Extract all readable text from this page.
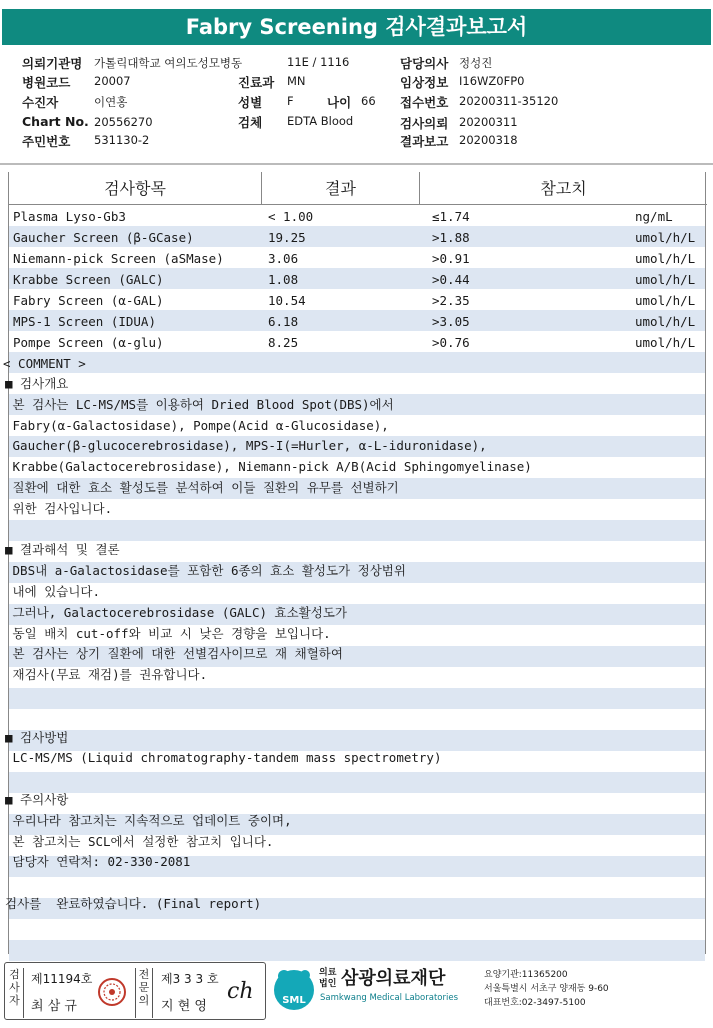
Fabry Screening 검사결과보고서
의뢰기관명 가톨릭대학교 여의도성모병동	11E / 1116	담당의사 정성진
병원코드 20007	진료과 MN	임상정보 I16WZ0FP0
수진자	이연홍	성별 F	나이 66 접수번호 20200311-35120
Chart No. 20556270	검체 EDTA Blood	검사의뢰 20200311
주민번호 531130-2	결과보고 20200318
검사항목	결과	참고치
Plasma Lyso-Gb3	< 1.00	≤1.74	ng/mL
Gaucher Screen (β-GCase)	19.25	>1.88	umol/h/L
Niemann-pick Screen (aSMase)	3.06	>0.91	umol/h/L
Krabbe Screen (GALC)	1.08	>0.44	umol/h/L
Fabry Screen (α-GAL)	10.54	>2.35	umol/h/L
MPS-1 Screen (IDUA)	6.18	>3.05	umol/h/L
Pompe Screen (α-glu)	8.25	>0.76	umol/h/L
< COMMENT >
■ 검사개요
본 검사는 LC-MS/MS를 이용하여 Dried Blood Spot(DBS)에서
Fabry(α-Galactosidase), Pompe(Acid α-Glucosidase),
Gaucher(β-glucocerebrosidase), MPS-I(=Hurler, α-L-iduronidase),
Krabbe(Galactocerebrosidase), Niemann-pick A/B(Acid Sphingomyelinase)
질환에 대한 효소 활성도를 분석하여 이들 질환의 유무를 선별하기
위한 검사입니다.
■ 결과해석 및 결론
DBS내 a-Galactosidase를 포함한 6종의 효소 활성도가 정상범위
내에 있습니다.
그러나, Galactocerebrosidase (GALC) 효소활성도가
동일 배치 cut-off와 비교 시 낮은 경향을 보입니다.
본 검사는 상기 질환에 대한 선별검사이므로 재 채혈하여
재검사(무료 재검)를 권유합니다.
■ 검사방법
LC-MS/MS (Liquid chromatography-tandem mass spectrometry)
■ 주의사항
우리나라 참고치는 지속적으로 업데이트 중이며,
본 참고치는 SCL에서 설정한 참고치 입니다.
담당자 연락처: 02-330-2081
검사를  완료하였습니다. (Final report)
검사자
제11194호
최 삼 규
전문의
제3 3 3 호
지 현 영
ch	SML
의료
법인 삼광의료재단
Samkwang Medical Laboratories
요양기관:11365200
서울특별시 서초구 양재동 9-60
대표번호:02-3497-5100
